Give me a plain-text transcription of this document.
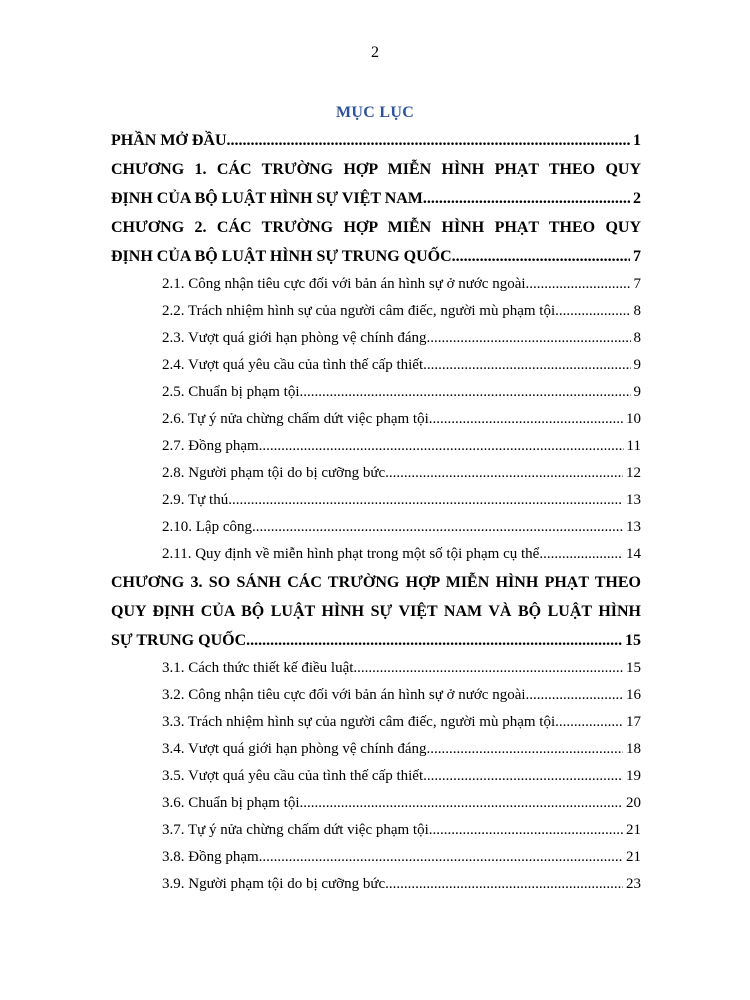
2
MỤC LỤC
PHẦN MỞ ĐẦU .....	1
CHƯƠNG 1. CÁC TRƯỜNG HỢP MIỄN HÌNH PHẠT THEO QUY
ĐỊNH CỦA BỘ LUẬT HÌNH SỰ VIỆT NAM .....	2
CHƯƠNG 2. CÁC TRƯỜNG HỢP MIỄN HÌNH PHẠT THEO QUY
ĐỊNH CỦA BỘ LUẬT HÌNH SỰ TRUNG QUỐC .....	7
2.1. Công nhận tiêu cực đối với bản án hình sự ở nước ngoài .....	7
2.2. Trách nhiệm hình sự của người câm điếc, người mù phạm tội .....	8
2.3. Vượt quá giới hạn phòng vệ chính đáng .....	8
2.4. Vượt quá yêu cầu của tình thế cấp thiết .....	9
2.5. Chuẩn bị phạm tội .....	9
2.6. Tự ý nửa chừng chấm dứt việc phạm tội .....	10
2.7. Đồng phạm .....	11
2.8. Người phạm tội do bị cưỡng bức .....	12
2.9. Tự thú .....	13
2.10. Lập công .....	13
2.11. Quy định về miễn hình phạt trong một số tội phạm cụ thể .....	14
CHƯƠNG 3. SO SÁNH CÁC TRƯỜNG HỢP MIỄN HÌNH PHẠT THEO
QUY ĐỊNH CỦA BỘ LUẬT HÌNH SỰ VIỆT NAM VÀ BỘ LUẬT HÌNH
SỰ TRUNG QUỐC .....	15
3.1. Cách thức thiết kế điều luật .....	15
3.2. Công nhận tiêu cực đối với bản án hình sự ở nước ngoài .....	16
3.3. Trách nhiệm hình sự của người câm điếc, người mù phạm tội .....	17
3.4. Vượt quá giới hạn phòng vệ chính đáng .....	18
3.5. Vượt quá yêu cầu của tình thế cấp thiết .....	19
3.6. Chuẩn bị phạm tội .....	20
3.7. Tự ý nửa chừng chấm dứt việc phạm tội .....	21
3.8. Đồng phạm .....	21
3.9. Người phạm tội do bị cưỡng bức .....	23
